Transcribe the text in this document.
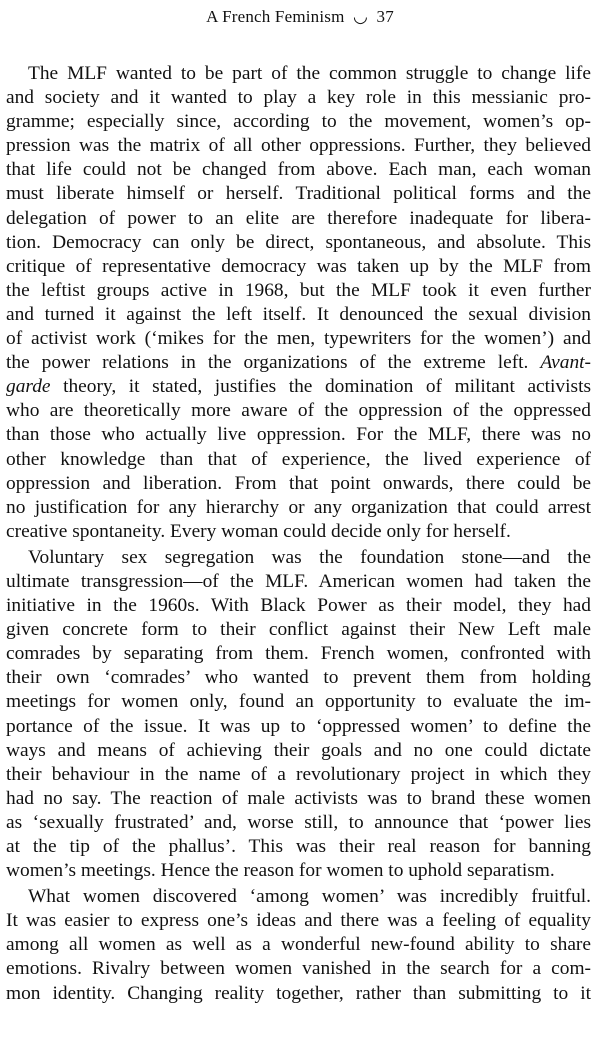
A French Feminism ◡ 37
The MLF wanted to be part of the common struggle to change life
and society and it wanted to play a key role in this messianic pro-
gramme; especially since, according to the movement, women’s op-
pression was the matrix of all other oppressions. Further, they believed
that life could not be changed from above. Each man, each woman
must liberate himself or herself. Traditional political forms and the
delegation of power to an elite are therefore inadequate for libera-
tion. Democracy can only be direct, spontaneous, and absolute. This
critique of representative democracy was taken up by the MLF from
the leftist groups active in 1968, but the MLF took it even further
and turned it against the left itself. It denounced the sexual division
of activist work (‘mikes for the men, typewriters for the women’) and
the power relations in the organizations of the extreme left. Avant-
garde theory, it stated, justifies the domination of militant activists
who are theoretically more aware of the oppression of the oppressed
than those who actually live oppression. For the MLF, there was no
other knowledge than that of experience, the lived experience of
oppression and liberation. From that point onwards, there could be
no justification for any hierarchy or any organization that could arrest
creative spontaneity. Every woman could decide only for herself.
Voluntary sex segregation was the foundation stone—and the
ultimate transgression—of the MLF. American women had taken the
initiative in the 1960s. With Black Power as their model, they had
given concrete form to their conflict against their New Left male
comrades by separating from them. French women, confronted with
their own ‘comrades’ who wanted to prevent them from holding
meetings for women only, found an opportunity to evaluate the im-
portance of the issue. It was up to ‘oppressed women’ to define the
ways and means of achieving their goals and no one could dictate
their behaviour in the name of a revolutionary project in which they
had no say. The reaction of male activists was to brand these women
as ‘sexually frustrated’ and, worse still, to announce that ‘power lies
at the tip of the phallus’. This was their real reason for banning
women’s meetings. Hence the reason for women to uphold separatism.
What women discovered ‘among women’ was incredibly fruitful.
It was easier to express one’s ideas and there was a feeling of equality
among all women as well as a wonderful new-found ability to share
emotions. Rivalry between women vanished in the search for a com-
mon identity. Changing reality together, rather than submitting to it
